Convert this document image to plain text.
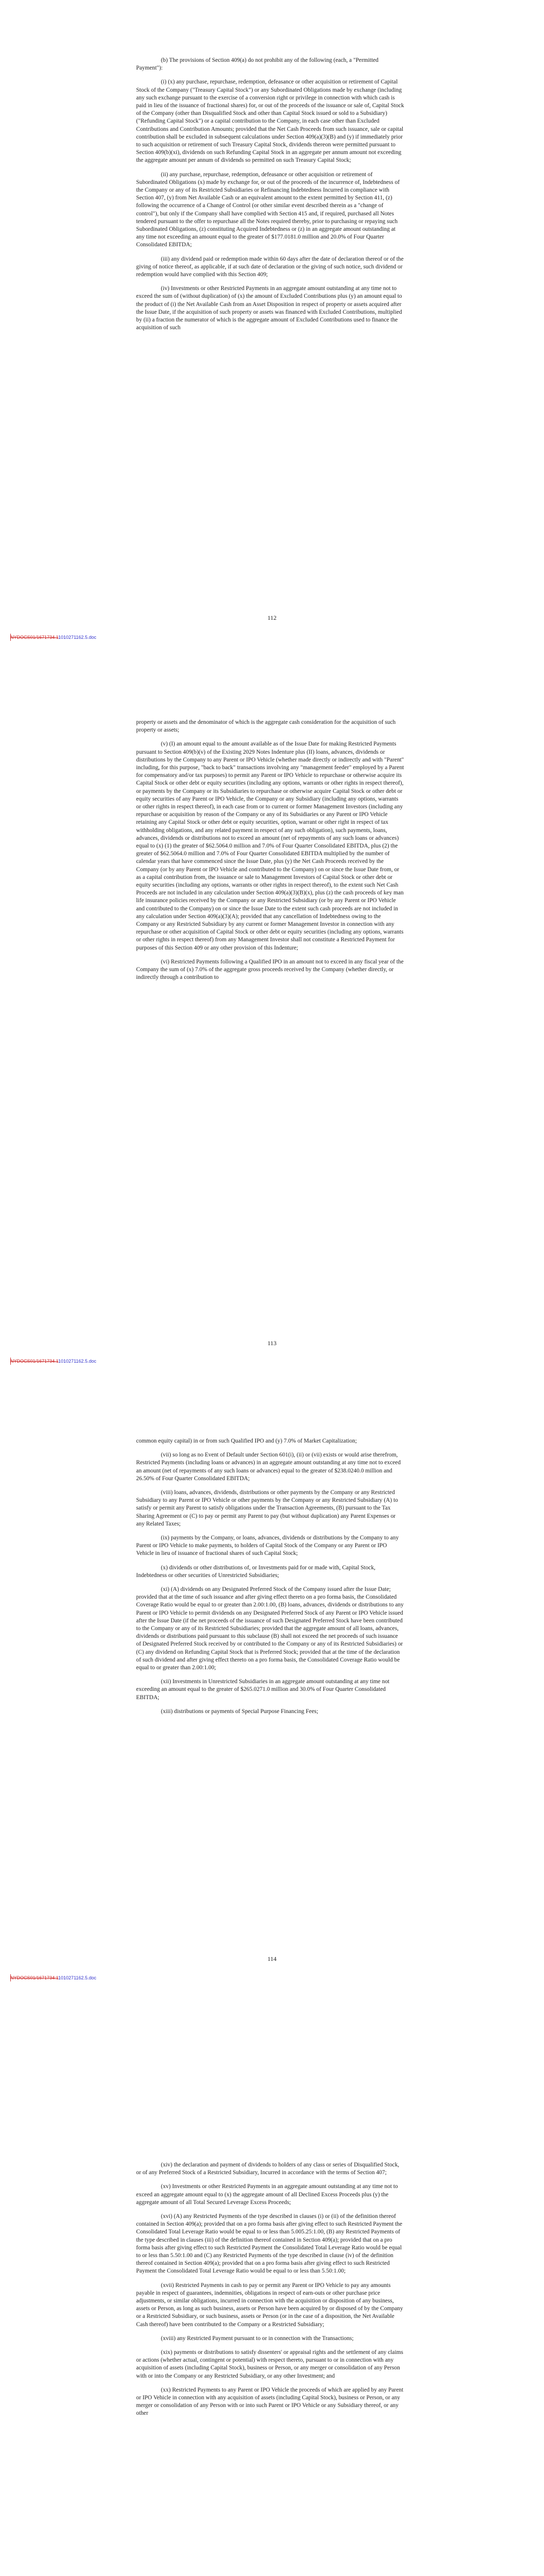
(b) The provisions of Section 409(a) do not prohibit any of the following (each, a "Permitted Payment"):

(i) (x) any purchase, repurchase, redemption, defeasance or other acquisition or retirement of Capital Stock of the Company ("Treasury Capital Stock") or any Subordinated Obligations made by exchange (including any such exchange pursuant to the exercise of a conversion right or privilege in connection with which cash is paid in lieu of the issuance of fractional shares) for, or out of the proceeds of the issuance or sale of, Capital Stock of the Company (other than Disqualified Stock and other than Capital Stock issued or sold to a Subsidiary) ("Refunding Capital Stock") or a capital contribution to the Company, in each case other than Excluded Contributions and Contribution Amounts; provided that the Net Cash Proceeds from such issuance, sale or capital contribution shall be excluded in subsequent calculations under Section 409(a)(3)(B) and (y) if immediately prior to such acquisition or retirement of such Treasury Capital Stock, dividends thereon were permitted pursuant to Section 409(b)(xi), dividends on such Refunding Capital Stock in an aggregate per annum amount not exceeding the aggregate amount per annum of dividends so permitted on such Treasury Capital Stock;

(ii) any purchase, repurchase, redemption, defeasance or other acquisition or retirement of Subordinated Obligations (x) made by exchange for, or out of the proceeds of the incurrence of, Indebtedness of the Company or any of its Restricted Subsidiaries or Refinancing Indebtedness Incurred in compliance with Section 407, (y) from Net Available Cash or an equivalent amount to the extent permitted by Section 411, (z) following the occurrence of a Change of Control (or other similar event described therein as a "change of control"), but only if the Company shall have complied with Section 415 and, if required, purchased all Notes tendered pursuant to the offer to repurchase all the Notes required thereby, prior to purchasing or repaying such Subordinated Obligations, (z) constituting Acquired Indebtedness or (z) in an aggregate amount outstanding at any time not exceeding an amount equal to the greater of $177.0181.0 million and 20.0% of Four Quarter Consolidated EBITDA;

(iii) any dividend paid or redemption made within 60 days after the date of declaration thereof or of the giving of notice thereof, as applicable, if at such date of declaration or the giving of such notice, such dividend or redemption would have complied with this Section 409;

(iv) Investments or other Restricted Payments in an aggregate amount outstanding at any time not to exceed the sum of (without duplication) of (x) the amount of Excluded Contributions plus (y) an amount equal to the product of (i) the Net Available Cash from an Asset Disposition in respect of property or assets acquired after the Issue Date, if the acquisition of such property or assets was financed with Excluded Contributions, multiplied by (ii) a fraction the numerator of which is the aggregate amount of Excluded Contributions used to finance the acquisition of such

112
NYDOCS01/1671734.11010271162.5.doc

property or assets and the denominator of which is the aggregate cash consideration for the acquisition of such property or assets;

(v) (I) an amount equal to the amount available as of the Issue Date for making Restricted Payments pursuant to Section 409(b)(v) of the Existing 2029 Notes Indenture plus (II) loans, advances, dividends or distributions by the Company to any Parent or IPO Vehicle (whether made directly or indirectly and with "Parent" including, for this purpose, "back to back" transactions involving any "management feeder" employed by a Parent for compensatory and/or tax purposes) to permit any Parent or IPO Vehicle to repurchase or otherwise acquire its Capital Stock or other debt or equity securities (including any options, warrants or other rights in respect thereof), or payments by the Company or its Subsidiaries to repurchase or otherwise acquire Capital Stock or other debt or equity securities of any Parent or IPO Vehicle, the Company or any Subsidiary (including any options, warrants or other rights in respect thereof), in each case from or to current or former Management Investors (including any repurchase or acquisition by reason of the Company or any of its Subsidiaries or any Parent or IPO Vehicle retaining any Capital Stock or other debt or equity securities, option, warrant or other right in respect of tax withholding obligations, and any related payment in respect of any such obligation), such payments, loans, advances, dividends or distributions not to exceed an amount (net of repayments of any such loans or advances) equal to (x) (1) the greater of $62.5064.0 million and 7.0% of Four Quarter Consolidated EBITDA, plus (2) the greater of $62.5064.0 million and 7.0% of Four Quarter Consolidated EBITDA multiplied by the number of calendar years that have commenced since the Issue Date, plus (y) the Net Cash Proceeds received by the Company (or by any Parent or IPO Vehicle and contributed to the Company) on or since the Issue Date from, or as a capital contribution from, the issuance or sale to Management Investors of Capital Stock or other debt or equity securities (including any options, warrants or other rights in respect thereof), to the extent such Net Cash Proceeds are not included in any calculation under Section 409(a)(3)(B)(x), plus (z) the cash proceeds of key man life insurance policies received by the Company or any Restricted Subsidiary (or by any Parent or IPO Vehicle and contributed to the Company) on or since the Issue Date to the extent such cash proceeds are not included in any calculation under Section 409(a)(3)(A); provided that any cancellation of Indebtedness owing to the Company or any Restricted Subsidiary by any current or former Management Investor in connection with any repurchase or other acquisition of Capital Stock or other debt or equity securities (including any options, warrants or other rights in respect thereof) from any Management Investor shall not constitute a Restricted Payment for purposes of this Section 409 or any other provision of this Indenture;

(vi) Restricted Payments following a Qualified IPO in an amount not to exceed in any fiscal year of the Company the sum of (x) 7.0% of the aggregate gross proceeds received by the Company (whether directly, or indirectly through a contribution to

113
NYDOCS01/1671734.11010271162.5.doc

common equity capital) in or from such Qualified IPO and (y) 7.0% of Market Capitalization;

(vii) so long as no Event of Default under Section 601(i), (ii) or (vii) exists or would arise therefrom, Restricted Payments (including loans or advances) in an aggregate amount outstanding at any time not to exceed an amount (net of repayments of any such loans or advances) equal to the greater of $238.0240.0 million and 26.50% of Four Quarter Consolidated EBITDA;

(viii) loans, advances, dividends, distributions or other payments by the Company or any Restricted Subsidiary to any Parent or IPO Vehicle or other payments by the Company or any Restricted Subsidiary (A) to satisfy or permit any Parent to satisfy obligations under the Transaction Agreements, (B) pursuant to the Tax Sharing Agreement or (C) to pay or permit any Parent to pay (but without duplication) any Parent Expenses or any Related Taxes;

(ix) payments by the Company, or loans, advances, dividends or distributions by the Company to any Parent or IPO Vehicle to make payments, to holders of Capital Stock of the Company or any Parent or IPO Vehicle in lieu of issuance of fractional shares of such Capital Stock;

(x) dividends or other distributions of, or Investments paid for or made with, Capital Stock, Indebtedness or other securities of Unrestricted Subsidiaries;

(xi) (A) dividends on any Designated Preferred Stock of the Company issued after the Issue Date; provided that at the time of such issuance and after giving effect thereto on a pro forma basis, the Consolidated Coverage Ratio would be equal to or greater than 2.00:1.00, (B) loans, advances, dividends or distributions to any Parent or IPO Vehicle to permit dividends on any Designated Preferred Stock of any Parent or IPO Vehicle issued after the Issue Date (if the net proceeds of the issuance of such Designated Preferred Stock have been contributed to the Company or any of its Restricted Subsidiaries; provided that the aggregate amount of all loans, advances, dividends or distributions paid pursuant to this subclause (B) shall not exceed the net proceeds of such issuance of Designated Preferred Stock received by or contributed to the Company or any of its Restricted Subsidiaries) or (C) any dividend on Refunding Capital Stock that is Preferred Stock; provided that at the time of the declaration of such dividend and after giving effect thereto on a pro forma basis, the Consolidated Coverage Ratio would be equal to or greater than 2.00:1.00;

(xii) Investments in Unrestricted Subsidiaries in an aggregate amount outstanding at any time not exceeding an amount equal to the greater of $265.0271.0 million and 30.0% of Four Quarter Consolidated EBITDA;

(xiii) distributions or payments of Special Purpose Financing Fees;

114
NYDOCS01/1671734.11010271162.5.doc

(xiv) the declaration and payment of dividends to holders of any class or series of Disqualified Stock, or of any Preferred Stock of a Restricted Subsidiary, Incurred in accordance with the terms of Section 407;

(xv) Investments or other Restricted Payments in an aggregate amount outstanding at any time not to exceed an aggregate amount equal to (x) the aggregate amount of all Declined Excess Proceeds plus (y) the aggregate amount of all Total Secured Leverage Excess Proceeds;

(xvi) (A) any Restricted Payments of the type described in clauses (i) or (ii) of the definition thereof contained in Section 409(a); provided that on a pro forma basis after giving effect to such Restricted Payment the Consolidated Total Leverage Ratio would be equal to or less than 5.005.25:1.00, (B) any Restricted Payments of the type described in clauses (iii) of the definition thereof contained in Section 409(a); provided that on a pro forma basis after giving effect to such Restricted Payment the Consolidated Total Leverage Ratio would be equal to or less than 5.50:1.00 and (C) any Restricted Payments of the type described in clause (iv) of the definition thereof contained in Section 409(a); provided that on a pro forma basis after giving effect to such Restricted Payment the Consolidated Total Leverage Ratio would be equal to or less than 5.50:1.00;

(xvii) Restricted Payments in cash to pay or permit any Parent or IPO Vehicle to pay any amounts payable in respect of guarantees, indemnities, obligations in respect of earn-outs or other purchase price adjustments, or similar obligations, incurred in connection with the acquisition or disposition of any business, assets or Person, as long as such business, assets or Person have been acquired by or disposed of by the Company or a Restricted Subsidiary, or such business, assets or Person (or in the case of a disposition, the Net Available Cash thereof) have been contributed to the Company or a Restricted Subsidiary;

(xviii) any Restricted Payment pursuant to or in connection with the Transactions;

(xix) payments or distributions to satisfy dissenters' or appraisal rights and the settlement of any claims or actions (whether actual, contingent or potential) with respect thereto, pursuant to or in connection with any acquisition of assets (including Capital Stock), business or Person, or any merger or consolidation of any Person with or into the Company or any Restricted Subsidiary, or any other Investment; and

(xx) Restricted Payments to any Parent or IPO Vehicle the proceeds of which are applied by any Parent or IPO Vehicle in connection with any acquisition of assets (including Capital Stock), business or Person, or any merger or consolidation of any Person with or into such Parent or IPO Vehicle or any Subsidiary thereof, or any other
